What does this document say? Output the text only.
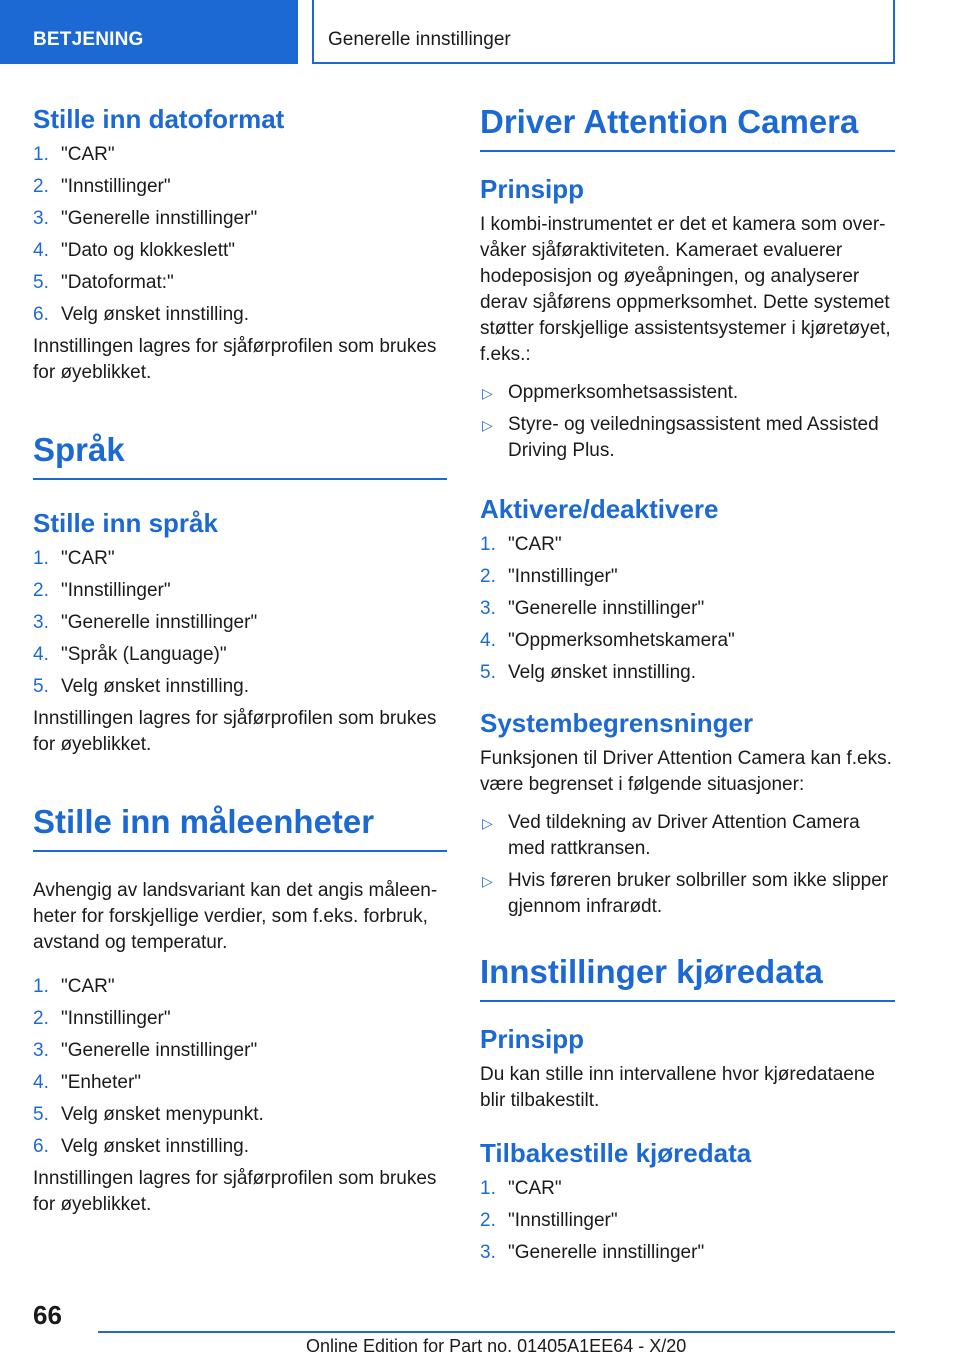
BETJENING	Generelle innstillinger
Stille inn datoformat
1. "CAR"
2. "Innstillinger"
3. "Generelle innstillinger"
4. "Dato og klokkeslett"
5. "Datoformat:"
6. Velg ønsket innstilling.

Innstillingen lagres for sjåførprofilen som brukes for øyeblikket.

Språk
Stille inn språk
1. "CAR"
2. "Innstillinger"
3. "Generelle innstillinger"
4. "Språk (Language)"
5. Velg ønsket innstilling.

Innstillingen lagres for sjåførprofilen som brukes for øyeblikket.

Stille inn måleenheter

Avhengig av landsvariant kan det angis måleenheter for forskjellige verdier, som f.eks. forbruk, avstand og temperatur.

1. "CAR"
2. "Innstillinger"
3. "Generelle innstillinger"
4. "Enheter"
5. Velg ønsket menypunkt.
6. Velg ønsket innstilling.

Innstillingen lagres for sjåførprofilen som brukes for øyeblikket.

Driver Attention Camera
Prinsipp

I kombi-instrumentet er det et kamera som overvåker sjåføraktiviteten. Kameraet evaluerer hodeposisjon og øyeåpningen, og analyserer derav sjåførens oppmerksomhet. Dette systemet støtter forskjellige assistentsystemer i kjøretøyet, f.eks.:

▷ Oppmerksomhetsassistent.
▷ Styre- og veiledningsassistent med Assisted Driving Plus.
Aktivere/deaktivere
1. "CAR"
2. "Innstillinger"
3. "Generelle innstillinger"
4. "Oppmerksomhetskamera"
5. Velg ønsket innstilling.
Systembegrensninger

Funksjonen til Driver Attention Camera kan f.eks. være begrenset i følgende situasjoner:

▷ Ved tildekning av Driver Attention Camera med rattkransen.
▷ Hvis føreren bruker solbriller som ikke slipper gjennom infrarødt.
Innstillinger kjøredata
Prinsipp

Du kan stille inn intervallene hvor kjøredataene blir tilbakestilt.

Tilbakestille kjøredata
1. "CAR"
2. "Innstillinger"
3. "Generelle innstillinger"
66
Online Edition for Part no. 01405A1EE64 - X/20
